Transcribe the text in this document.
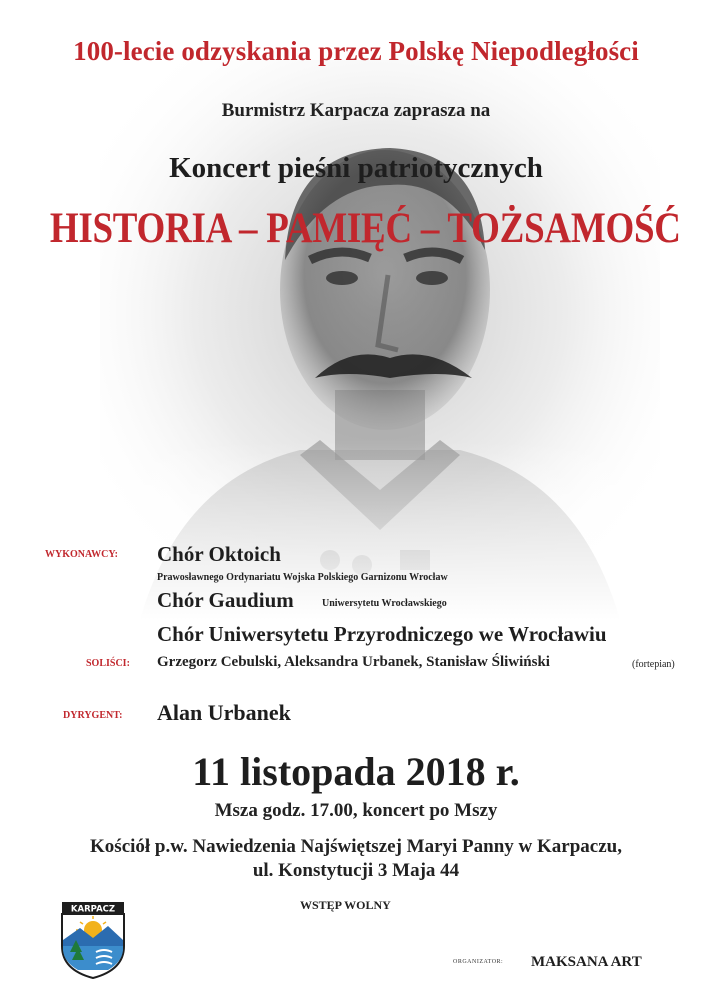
100-lecie odzyskania przez Polskę Niepodległości
Burmistrz Karpacza zaprasza na
Koncert pieśni patriotycznych
HISTORIA – PAMIĘĆ – TOŻSAMOŚĆ
WYKONAWCY: Chór Oktoich
Prawosławnego Ordynariatu Wojska Polskiego Garnizonu Wrocław
Chór Gaudium	Uniwersytetu Wrocławskiego
Chór Uniwersytetu Przyrodniczego we Wrocławiu
SOLIŚCI: Grzegorz Cebulski, Aleksandra Urbanek, Stanisław Śliwiński	(fortepian)
DYRYGENT: Alan Urbanek
11 listopada 2018 r.
Msza godz. 17.00, koncert po Mszy
Kościół p.w. Nawiedzenia Najświętszej Maryi Panny w Karpaczu,
ul. Konstytucji 3 Maja 44
WSTĘP WOLNY
KARPACZ
ORGANIZATOR: MAKSANA ART
